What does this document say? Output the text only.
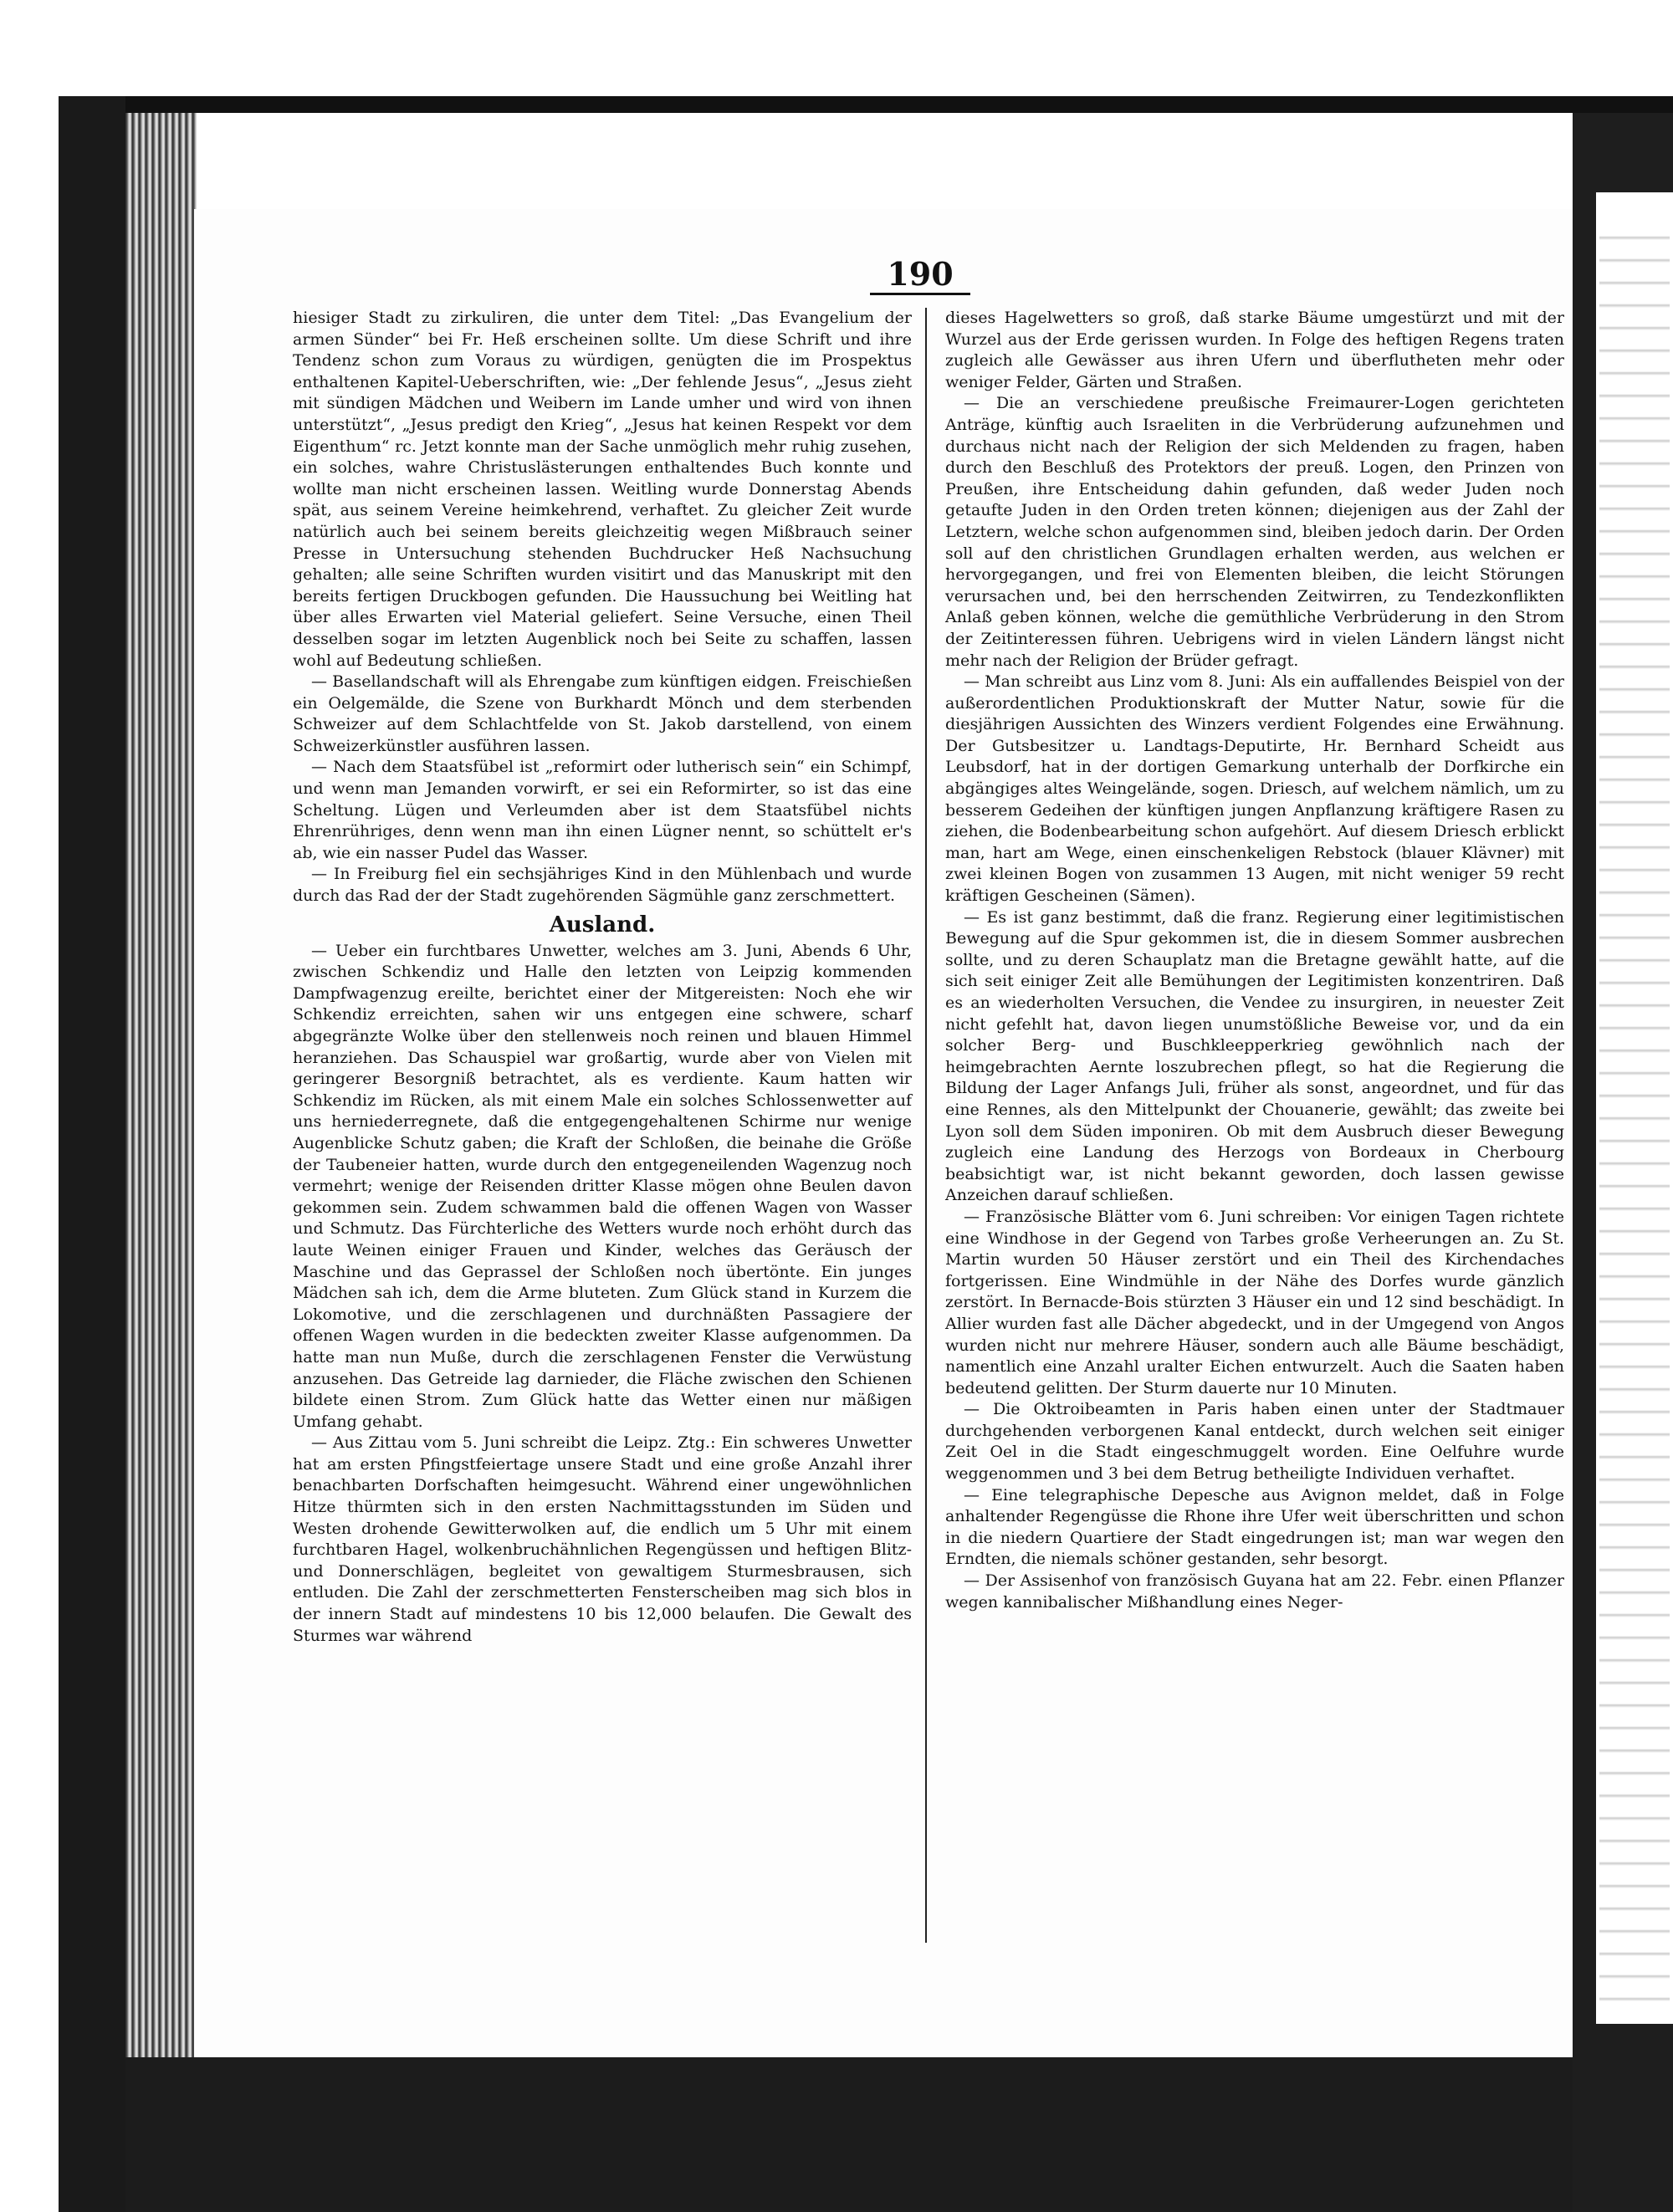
190

hiesiger Stadt zu zirkuliren, die unter dem Titel: „Das Evangelium der armen Sünder“ bei Fr. Heß erscheinen sollte. Um diese Schrift und ihre Tendenz schon zum Voraus zu würdigen, genügten die im Prospektus enthaltenen Kapitel-Ueberschriften, wie: „Der fehlende Jesus“, „Jesus zieht mit sündigen Mädchen und Weibern im Lande umher und wird von ihnen unterstützt“, „Jesus predigt den Krieg“, „Jesus hat keinen Respekt vor dem Eigenthum“ rc. Jetzt konnte man der Sache unmöglich mehr ruhig zusehen, ein solches, wahre Christuslästerungen enthaltendes Buch konnte und wollte man nicht erscheinen lassen. Weitling wurde Donnerstag Abends spät, aus seinem Vereine heimkehrend, verhaftet. Zu gleicher Zeit wurde natürlich auch bei seinem bereits gleichzeitig wegen Mißbrauch seiner Presse in Untersuchung stehenden Buchdrucker Heß Nachsuchung gehalten; alle seine Schriften wurden visitirt und das Manuskript mit den bereits fertigen Druckbogen gefunden. Die Haussuchung bei Weitling hat über alles Erwarten viel Material geliefert. Seine Versuche, einen Theil desselben sogar im letzten Augenblick noch bei Seite zu schaffen, lassen wohl auf Bedeutung schließen.

— Basellandschaft will als Ehrengabe zum künftigen eidgen. Freischießen ein Oelgemälde, die Szene von Burkhardt Mönch und dem sterbenden Schweizer auf dem Schlachtfelde von St. Jakob darstellend, von einem Schweizerkünstler ausführen lassen.

— Nach dem Staatsfübel ist „reformirt oder lutherisch sein“ ein Schimpf, und wenn man Jemanden vorwirft, er sei ein Reformirter, so ist das eine Scheltung. Lügen und Verleumden aber ist dem Staatsfübel nichts Ehrenrühriges, denn wenn man ihn einen Lügner nennt, so schüttelt er's ab, wie ein nasser Pudel das Wasser.

— In Freiburg fiel ein sechsjähriges Kind in den Mühlenbach und wurde durch das Rad der der Stadt zugehörenden Sägmühle ganz zerschmettert.

Ausland.

— Ueber ein furchtbares Unwetter, welches am 3. Juni, Abends 6 Uhr, zwischen Schkendiz und Halle den letzten von Leipzig kommenden Dampfwagenzug ereilte, berichtet einer der Mitgereisten: Noch ehe wir Schkendiz erreichten, sahen wir uns entgegen eine schwere, scharf abgegränzte Wolke über den stellenweis noch reinen und blauen Himmel heranziehen. Das Schauspiel war großartig, wurde aber von Vielen mit geringerer Besorgniß betrachtet, als es verdiente. Kaum hatten wir Schkendiz im Rücken, als mit einem Male ein solches Schlossenwetter auf uns herniederregnete, daß die entgegengehaltenen Schirme nur wenige Augenblicke Schutz gaben; die Kraft der Schloßen, die beinahe die Größe der Taubeneier hatten, wurde durch den entgegeneilenden Wagenzug noch vermehrt; wenige der Reisenden dritter Klasse mögen ohne Beulen davon gekommen sein. Zudem schwammen bald die offenen Wagen von Wasser und Schmutz. Das Fürchterliche des Wetters wurde noch erhöht durch das laute Weinen einiger Frauen und Kinder, welches das Geräusch der Maschine und das Geprassel der Schloßen noch übertönte. Ein junges Mädchen sah ich, dem die Arme bluteten. Zum Glück stand in Kurzem die Lokomotive, und die zerschlagenen und durchnäßten Passagiere der offenen Wagen wurden in die bedeckten zweiter Klasse aufgenommen. Da hatte man nun Muße, durch die zerschlagenen Fenster die Verwüstung anzusehen. Das Getreide lag darnieder, die Fläche zwischen den Schienen bildete einen Strom. Zum Glück hatte das Wetter einen nur mäßigen Umfang gehabt.

— Aus Zittau vom 5. Juni schreibt die Leipz. Ztg.: Ein schweres Unwetter hat am ersten Pfingstfeiertage unsere Stadt und eine große Anzahl ihrer benachbarten Dorfschaften heimgesucht. Während einer ungewöhnlichen Hitze thürmten sich in den ersten Nachmittagsstunden im Süden und Westen drohende Gewitterwolken auf, die endlich um 5 Uhr mit einem furchtbaren Hagel, wolkenbruchähnlichen Regengüssen und heftigen Blitz- und Donnerschlägen, begleitet von gewaltigem Sturmesbrausen, sich entluden. Die Zahl der zerschmetterten Fensterscheiben mag sich blos in der innern Stadt auf mindestens 10 bis 12,000 belaufen. Die Gewalt des Sturmes war während

dieses Hagelwetters so groß, daß starke Bäume umgestürzt und mit der Wurzel aus der Erde gerissen wurden. In Folge des heftigen Regens traten zugleich alle Gewässer aus ihren Ufern und überflutheten mehr oder weniger Felder, Gärten und Straßen.

— Die an verschiedene preußische Freimaurer-Logen gerichteten Anträge, künftig auch Israeliten in die Verbrüderung aufzunehmen und durchaus nicht nach der Religion der sich Meldenden zu fragen, haben durch den Beschluß des Protektors der preuß. Logen, den Prinzen von Preußen, ihre Entscheidung dahin gefunden, daß weder Juden noch getaufte Juden in den Orden treten können; diejenigen aus der Zahl der Letztern, welche schon aufgenommen sind, bleiben jedoch darin. Der Orden soll auf den christlichen Grundlagen erhalten werden, aus welchen er hervorgegangen, und frei von Elementen bleiben, die leicht Störungen verursachen und, bei den herrschenden Zeitwirren, zu Tendezkonflikten Anlaß geben können, welche die gemüthliche Verbrüderung in den Strom der Zeitinteressen führen. Uebrigens wird in vielen Ländern längst nicht mehr nach der Religion der Brüder gefragt.

— Man schreibt aus Linz vom 8. Juni: Als ein auffallendes Beispiel von der außerordentlichen Produktionskraft der Mutter Natur, sowie für die diesjährigen Aussichten des Winzers verdient Folgendes eine Erwähnung. Der Gutsbesitzer u. Landtags-Deputirte, Hr. Bernhard Scheidt aus Leubsdorf, hat in der dortigen Gemarkung unterhalb der Dorfkirche ein abgängiges altes Weingelände, sogen. Driesch, auf welchem nämlich, um zu besserem Gedeihen der künftigen jungen Anpflanzung kräftigere Rasen zu ziehen, die Bodenbearbeitung schon aufgehört. Auf diesem Driesch erblickt man, hart am Wege, einen einschenkeligen Rebstock (blauer Klävner) mit zwei kleinen Bogen von zusammen 13 Augen, mit nicht weniger 59 recht kräftigen Gescheinen (Sämen).

— Es ist ganz bestimmt, daß die franz. Regierung einer legitimistischen Bewegung auf die Spur gekommen ist, die in diesem Sommer ausbrechen sollte, und zu deren Schauplatz man die Bretagne gewählt hatte, auf die sich seit einiger Zeit alle Bemühungen der Legitimisten konzentriren. Daß es an wiederholten Versuchen, die Vendee zu insurgiren, in neuester Zeit nicht gefehlt hat, davon liegen unumstößliche Beweise vor, und da ein solcher Berg- und Buschkleepperkrieg gewöhnlich nach der heimgebrachten Aernte loszubrechen pflegt, so hat die Regierung die Bildung der Lager Anfangs Juli, früher als sonst, angeordnet, und für das eine Rennes, als den Mittelpunkt der Chouanerie, gewählt; das zweite bei Lyon soll dem Süden imponiren. Ob mit dem Ausbruch dieser Bewegung zugleich eine Landung des Herzogs von Bordeaux in Cherbourg beabsichtigt war, ist nicht bekannt geworden, doch lassen gewisse Anzeichen darauf schließen.

— Französische Blätter vom 6. Juni schreiben: Vor einigen Tagen richtete eine Windhose in der Gegend von Tarbes große Verheerungen an. Zu St. Martin wurden 50 Häuser zerstört und ein Theil des Kirchendaches fortgerissen. Eine Windmühle in der Nähe des Dorfes wurde gänzlich zerstört. In Bernacde-Bois stürzten 3 Häuser ein und 12 sind beschädigt. In Allier wurden fast alle Dächer abgedeckt, und in der Umgegend von Angos wurden nicht nur mehrere Häuser, sondern auch alle Bäume beschädigt, namentlich eine Anzahl uralter Eichen entwurzelt. Auch die Saaten haben bedeutend gelitten. Der Sturm dauerte nur 10 Minuten.

— Die Oktroibeamten in Paris haben einen unter der Stadtmauer durchgehenden verborgenen Kanal entdeckt, durch welchen seit einiger Zeit Oel in die Stadt eingeschmuggelt worden. Eine Oelfuhre wurde weggenommen und 3 bei dem Betrug betheiligte Individuen verhaftet.

— Eine telegraphische Depesche aus Avignon meldet, daß in Folge anhaltender Regengüsse die Rhone ihre Ufer weit überschritten und schon in die niedern Quartiere der Stadt eingedrungen ist; man war wegen den Erndten, die niemals schöner gestanden, sehr besorgt.

— Der Assisenhof von französisch Guyana hat am 22. Febr. einen Pflanzer wegen kannibalischer Mißhandlung eines Neger-
